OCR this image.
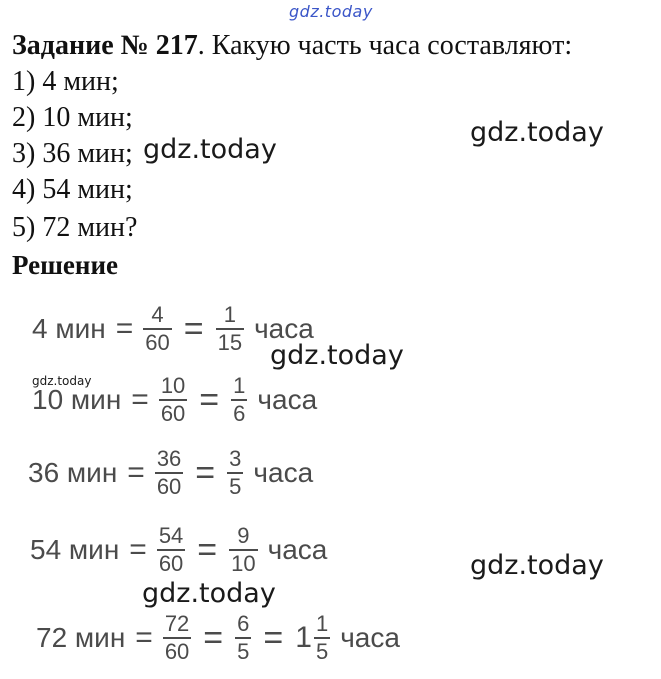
gdz.today
Задание № 217. Какую часть часа составляют:
1) 4 мин;
2) 10 мин;
3) 36 мин;
4) 54 мин;
5) 72 мин?
Решение
4 мин = $\frac{4}{60} = \frac{1}{15}$ часа
10 мин = $\frac{10}{60} = \frac{1}{6}$ часа
36 мин = $\frac{36}{60} = \frac{3}{5}$ часа
54 мин = $\frac{54}{60} = \frac{9}{10}$ часа
72 мин = $\frac{72}{60} = \frac{6}{5} = 1 \frac{1}{5}$ часа
gdz.today
gdz.today
gdz.today
gdz.today
gdz.today
gdz.today
